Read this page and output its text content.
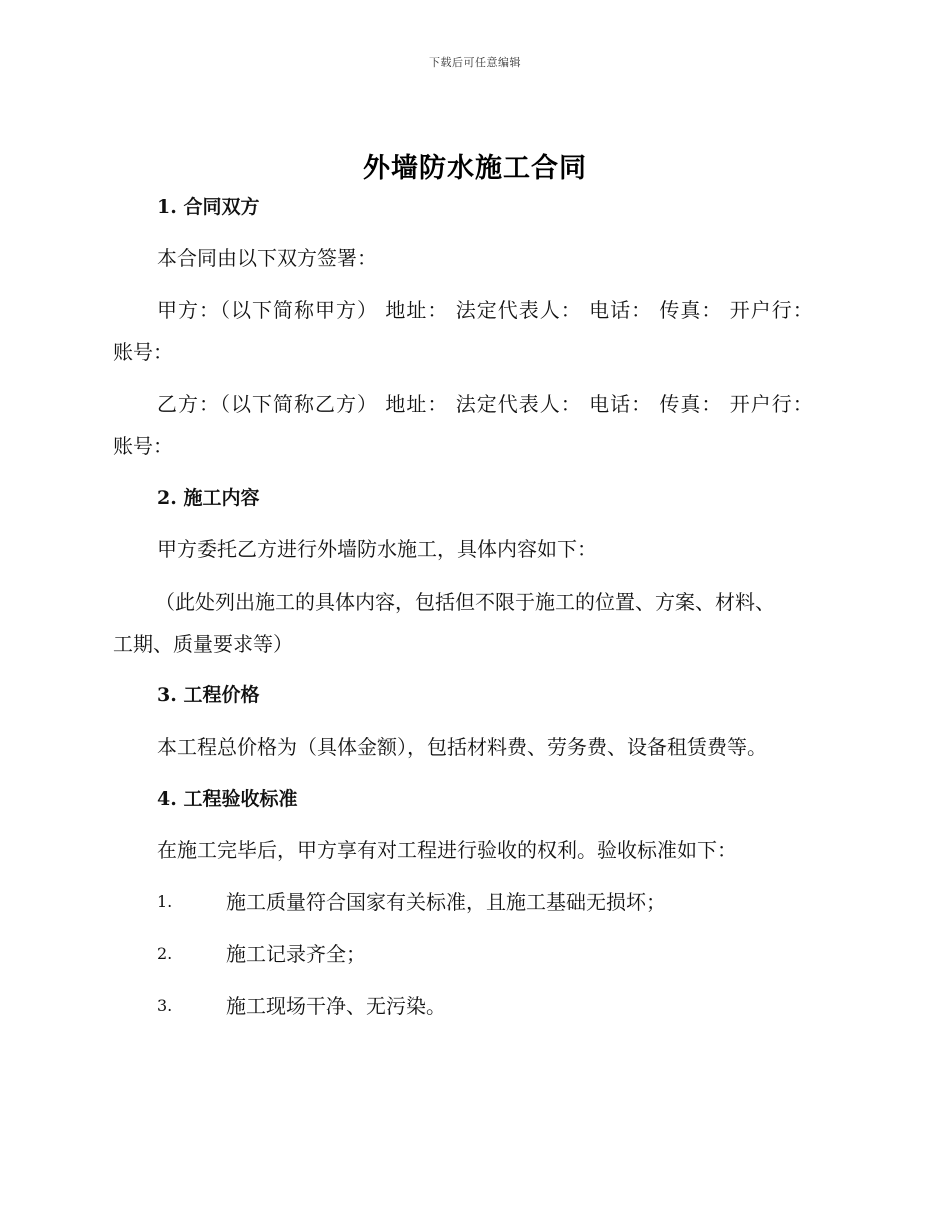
下载后可任意编辑
外墙防水施工合同
1. 合同双方
本合同由以下双方签署：
甲方：（以下简称甲方） 地址： 法定代表人： 电话： 传真： 开户行：
账号：
乙方：（以下简称乙方） 地址： 法定代表人： 电话： 传真： 开户行：
账号：
2. 施工内容
甲方委托乙方进行外墙防水施工，具体内容如下：
（此处列出施工的具体内容，包括但不限于施工的位置、方案、材料、
工期、质量要求等）
3. 工程价格
本工程总价格为（具体金额），包括材料费、劳务费、设备租赁费等。
4. 工程验收标准
在施工完毕后，甲方享有对工程进行验收的权利。验收标准如下：
1.	施工质量符合国家有关标准，且施工基础无损坏；
2.	施工记录齐全；
3.	施工现场干净、无污染。
